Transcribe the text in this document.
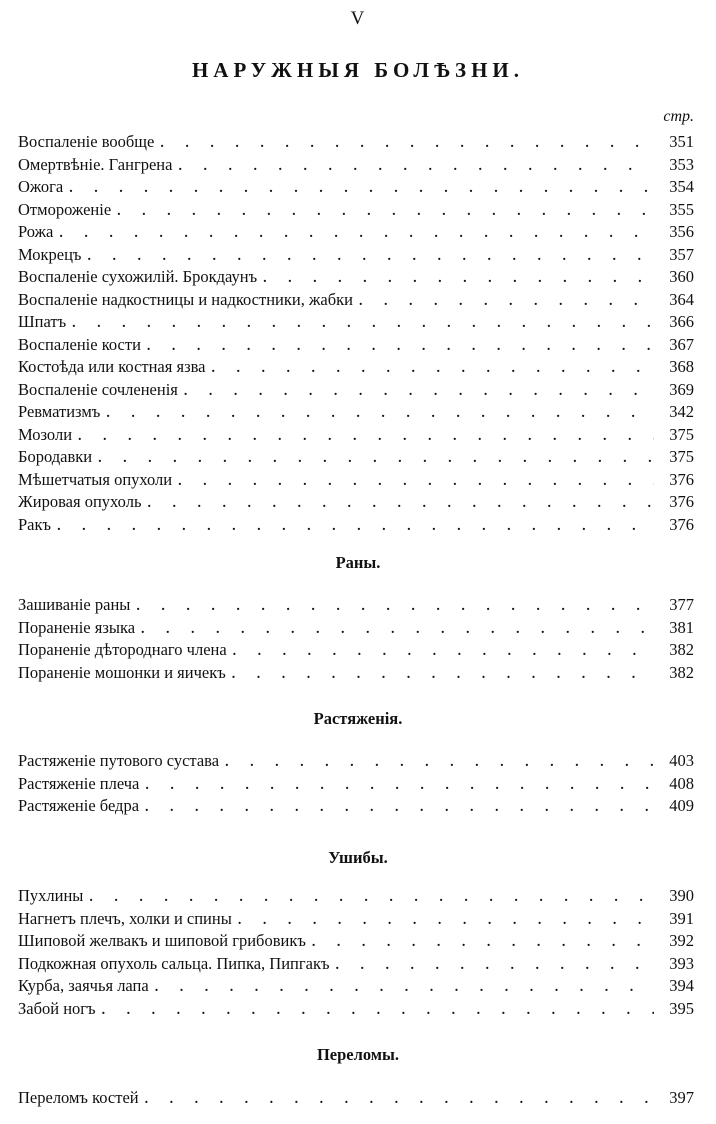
V
НАРУЖНЫЯ БОЛѢЗНИ.
стр.
Воспаленіе вообще . . .	351
Омертвѣніе. Гангрена . . .	353
Ожога . . .	354
Отмороженіе . . .	355
Рожа . . .	356
Мокрецъ . . .	357
Воспаленіе сухожилій. Брокдаунъ . . .	360
Воспаленіе надкостницы и надкостники, жабки . . .	364
Шпатъ . . .	366
Воспаленіе кости . . .	367
Костоѣда или костная язва . . .	368
Воспаленіе сочлененія . . .	369
Ревматизмъ . . .	342
Мозоли . . .	375
Бородавки . . .	375
Мѣшетчатыя опухоли . . .	376
Жировая опухоль . . .	376
Ракъ . . .	376
Раны.
Зашиваніе раны . . .	377
Пораненіе языка . . .	381
Пораненіе дѣтороднаго члена . . .	382
Пораненіе мошонки и яичекъ . . .	382
Растяженія.
Растяженіе путового сустава . . .	403
Растяженіе плеча . . .	408
Растяженіе бедра . . .	409
Ушибы.
Пухлины . . .	390
Нагнетъ плечъ, холки и спины . . .	391
Шиповой желвакъ и шиповой грибовикъ . . .	392
Подкожная опухоль сальца. Пипка, Пипгакъ . . .	393
Курба, заячья лапа . . .	394
Забой ногъ . . .	395
Переломы.
Переломъ костей . . .	397
